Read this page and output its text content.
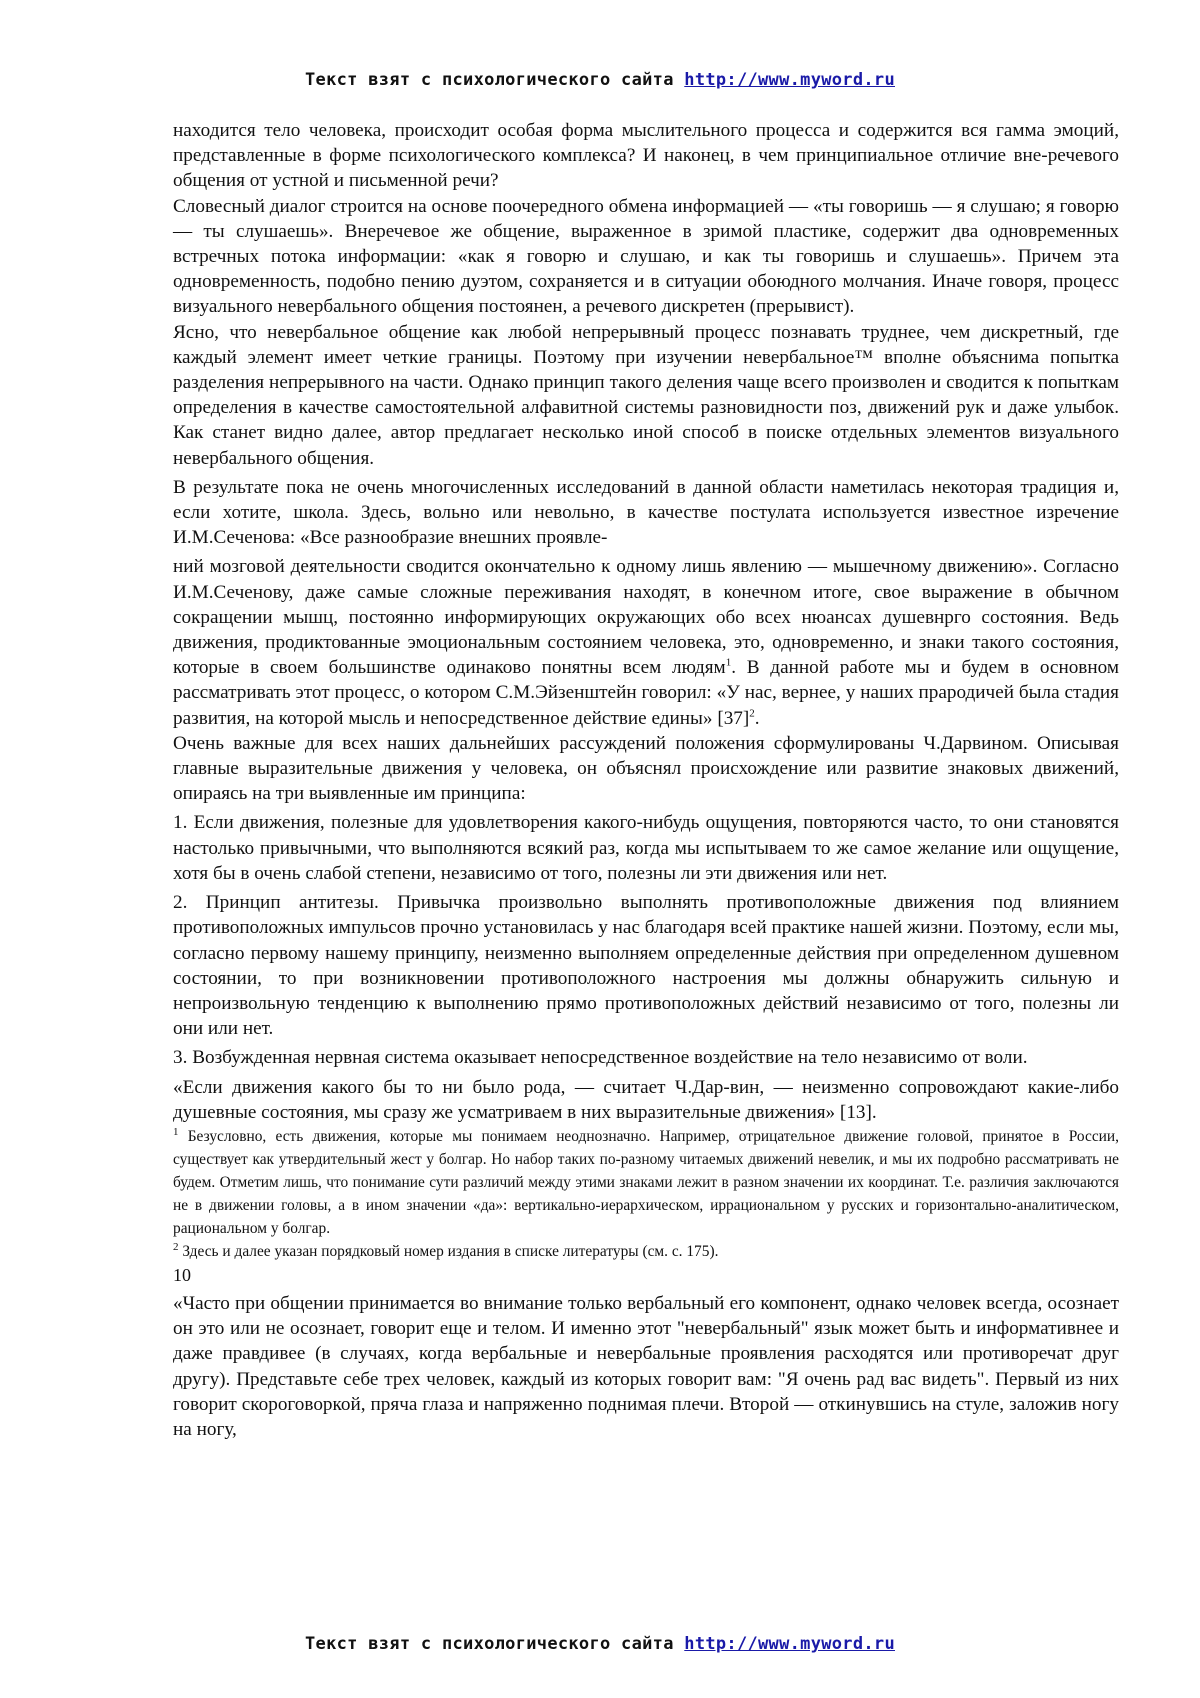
Текст взят с психологического сайта http://www.myword.ru

находится тело человека, происходит особая форма мыслительного процесса и содержится вся гамма эмоций, представленные в форме психологического комплекса? И наконец, в чем принципиальное отличие вне-речевого общения от устной и письменной речи?

Словесный диалог строится на основе поочередного обмена информацией — «ты говоришь — я слушаю; я говорю — ты слушаешь». Внеречевое же общение, выраженное в зримой пластике, содержит два одновременных встречных потока информации: «как я говорю и слушаю, и как ты говоришь и слушаешь». Причем эта одновременность, подобно пению дуэтом, сохраняется и в ситуации обоюдного молчания. Иначе говоря, процесс визуального невербального общения постоянен, а речевого дискретен (прерывист).

Ясно, что невербальное общение как любой непрерывный процесс познавать труднее, чем дискретный, где каждый элемент имеет четкие границы. Поэтому при изучении невербальное™ вполне объяснима попытка разделения непрерывного на части. Однако принцип такого деления чаще всего произволен и сводится к попыткам определения в качестве самостоятельной алфавитной системы разновидности поз, движений рук и даже улыбок. Как станет видно далее, автор предлагает несколько иной способ в поиске отдельных элементов визуального невербального общения.

В результате пока не очень многочисленных исследований в данной области наметилась некоторая традиция и, если хотите, школа. Здесь, вольно или невольно, в качестве постулата используется известное изречение И.М.Сеченова: «Все разнообразие внешних проявле-

ний мозговой деятельности сводится окончательно к одному лишь явлению — мышечному движению». Согласно И.М.Сеченову, даже самые сложные переживания находят, в конечном итоге, свое выражение в обычном сокращении мышц, постоянно информирующих окружающих обо всех нюансах душевнрго состояния. Ведь движения, продиктованные эмоциональным состоянием человека, это, одновременно, и знаки такого состояния, которые в своем большинстве одинаково понятны всем людям$^1$. В данной работе мы и будем в основном рассматривать этот процесс, о котором С.М.Эйзенштейн говорил: «У нас, вернее, у наших прародичей была стадия развития, на которой мысль и непосредственное действие едины» $[37]^2$.

Очень важные для всех наших дальнейших рассуждений положения сформулированы Ч.Дарвином. Описывая главные выразительные движения у человека, он объяснял происхождение или развитие знаковых движений, опираясь на три выявленные им принципа:

1. Если движения, полезные для удовлетворения какого-нибудь ощущения, повторяются часто, то они становятся настолько привычными, что выполняются всякий раз, когда мы испытываем то же самое желание или ощущение, хотя бы в очень слабой степени, независимо от того, полезны ли эти движения или нет.

2. Принцип антитезы. Привычка произвольно выполнять противоположные движения под влиянием противоположных импульсов прочно установилась у нас благодаря всей практике нашей жизни. Поэтому, если мы, согласно первому нашему принципу, неизменно выполняем определенные действия при определенном душевном состоянии, то при возникновении противоположного настроения мы должны обнаружить сильную и непроизвольную тенденцию к выполнению прямо противоположных действий независимо от того, полезны ли они или нет.

3. Возбужденная нервная система оказывает непосредственное воздействие на тело независимо от воли.

«Если движения какого бы то ни было рода, — считает Ч.Дар-вин, — неизменно сопровождают какие-либо душевные состояния, мы сразу же усматриваем в них выразительные движения» [13].

$^1$ Безусловно, есть движения, которые мы понимаем неоднозначно. Например, отрицательное движение головой, принятое в России, существует как утвердительный жест у болгар. Но набор таких по-разному читаемых движений невелик, и мы их подробно рассматривать не будем. Отметим лишь, что понимание сути различий между этими знаками лежит в разном значении их координат. Т.е. различия заключаются не в движении головы, а в ином значении «да»: вертикально-иерархическом, иррациональном у русских и горизонтально-аналитическом, рациональном у болгар.

$^2$ Здесь и далее указан порядковый номер издания в списке литературы (см. с. 175).

10

«Часто при общении принимается во внимание только вербальный его компонент, однако человек всегда, осознает он это или не осознает, говорит еще и телом. И именно этот "невербальный" язык может быть и информативнее и даже правдивее (в случаях, когда вербальные и невербальные проявления расходятся или противоречат друг другу). Представьте себе трех человек, каждый из которых говорит вам: "Я очень рад вас видеть". Первый из них говорит скороговоркой, пряча глаза и напряженно поднимая плечи. Второй — откинувшись на стуле, заложив ногу на ногу,

Текст взят с психологического сайта http://www.myword.ru
